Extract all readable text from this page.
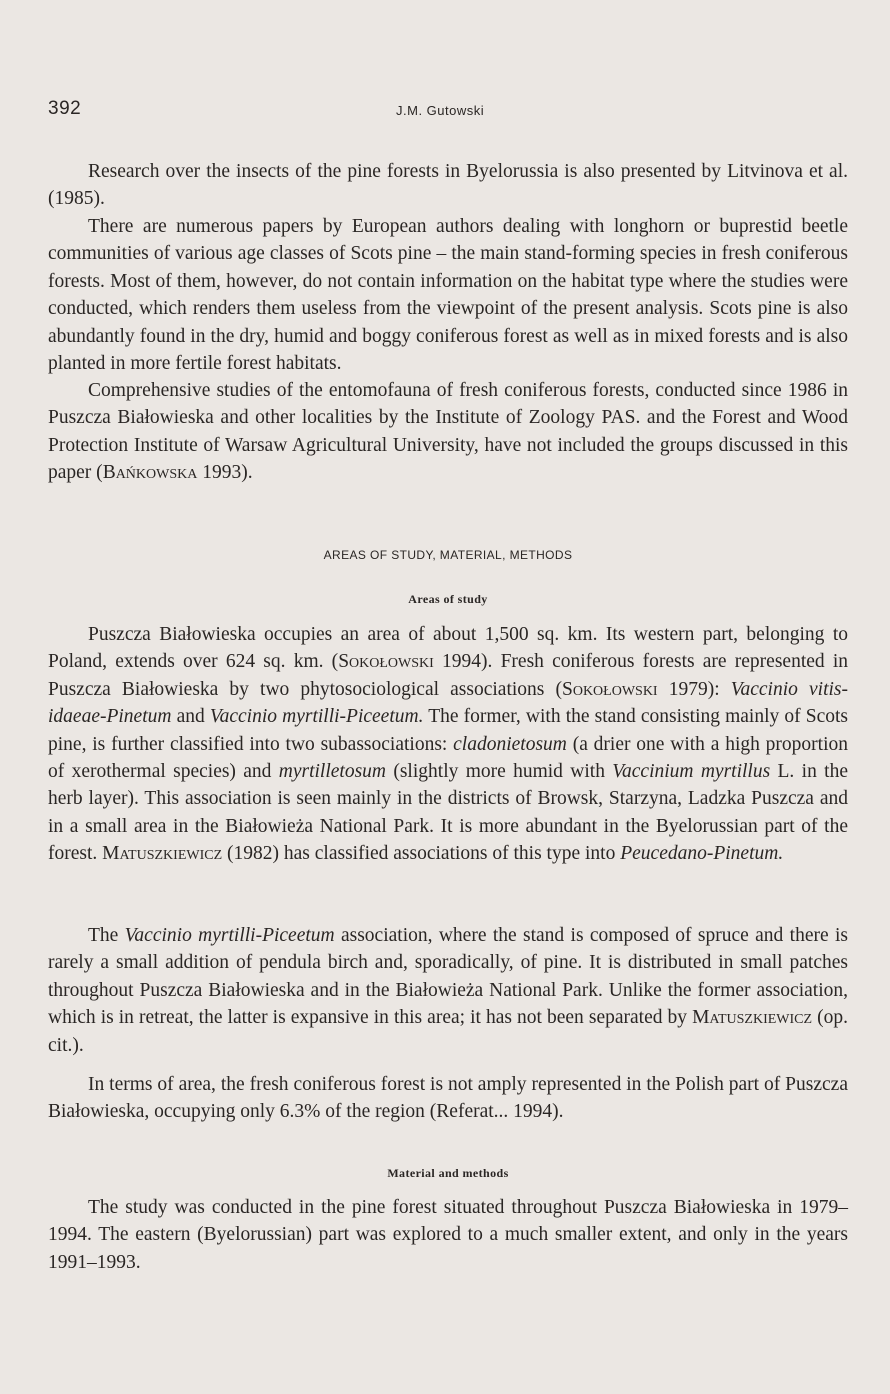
392	J.M. Gutowski

Research over the insects of the pine forests in Byelorussia is also presented by Litvinova et al. (1985).

There are numerous papers by European authors dealing with longhorn or buprestid beetle communities of various age classes of Scots pine – the main stand-forming species in fresh coniferous forests. Most of them, however, do not contain information on the habitat type where the studies were conducted, which renders them useless from the viewpoint of the present analysis. Scots pine is also abundantly found in the dry, humid and boggy coniferous forest as well as in mixed forests and is also planted in more fertile forest habitats.

Comprehensive studies of the entomofauna of fresh coniferous forests, conducted since 1986 in Puszcza Białowieska and other localities by the Institute of Zoology PAS. and the Forest and Wood Protection Institute of Warsaw Agricultural University, have not included the groups discussed in this paper (Bańkowska 1993).

AREAS OF STUDY, MATERIAL, METHODS
Areas of study

Puszcza Białowieska occupies an area of about 1,500 sq. km. Its western part, belonging to Poland, extends over 624 sq. km. (Sokołowski 1994). Fresh coniferous forests are represented in Puszcza Białowieska by two phytosociological associations (Sokołowski 1979): Vaccinio vitis-idaeae-Pinetum and Vaccinio myrtilli-Piceetum. The former, with the stand consisting mainly of Scots pine, is further classified into two subassociations: cladonietosum (a drier one with a high proportion of xerothermal species) and myrtilletosum (slightly more humid with Vaccinium myrtillus L. in the herb layer). This association is seen mainly in the districts of Browsk, Starzyna, Ladzka Puszcza and in a small area in the Białowieża National Park. It is more abundant in the Byelorussian part of the forest. Matuszkiewicz (1982) has classified associations of this type into Peucedano-Pinetum.

The Vaccinio myrtilli-Piceetum association, where the stand is composed of spruce and there is rarely a small addition of pendula birch and, sporadically, of pine. It is distributed in small patches throughout Puszcza Białowieska and in the Białowieża National Park. Unlike the former association, which is in retreat, the latter is expansive in this area; it has not been separated by Matuszkiewicz (op. cit.).

In terms of area, the fresh coniferous forest is not amply represented in the Polish part of Puszcza Białowieska, occupying only 6.3% of the region (Referat... 1994).

Material and methods

The study was conducted in the pine forest situated throughout Puszcza Białowieska in 1979–1994. The eastern (Byelorussian) part was explored to a much smaller extent, and only in the years 1991–1993.
